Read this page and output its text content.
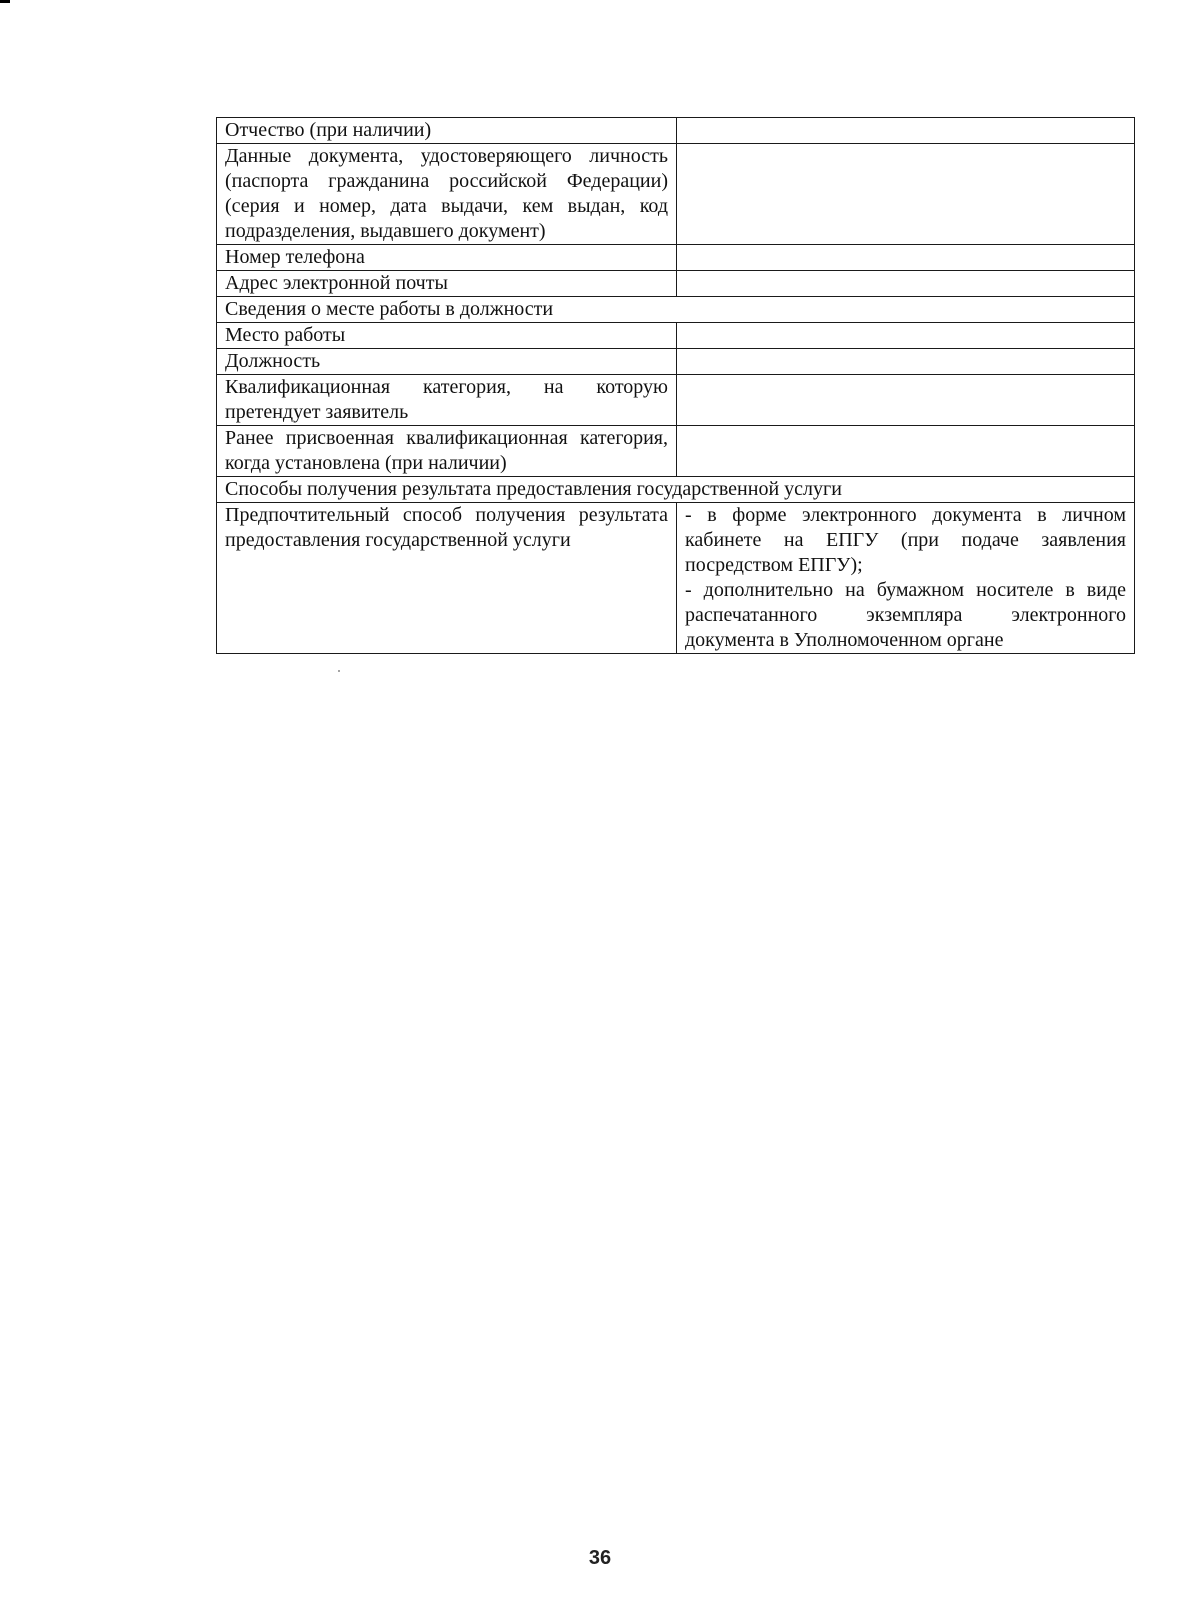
Отчество (при наличии)	
Данные документа, удостоверяющего личность (паспорта гражданина российской Федерации) (серия и номер, дата выдачи, кем выдан, код подразделения, выдавшего документ)	
Номер телефона	
Адрес электронной почты	
Сведения о месте работы в должности	
Место работы	
Должность	
Квалификационная категория, на которую претендует заявитель	
Ранее присвоенная квалификационная категория, когда установлена (при наличии)	
Способы получения результата предоставления государственной услуги	
Предпочтительный способ получения результата предоставления государственной услуги	- в форме электронного документа в личном кабинете на ЕПГУ (при подаче заявления посредством ЕПГУ);
- дополнительно на бумажном носителе в виде распечатанного экземпляра электронного документа в Уполномоченном органе
36
